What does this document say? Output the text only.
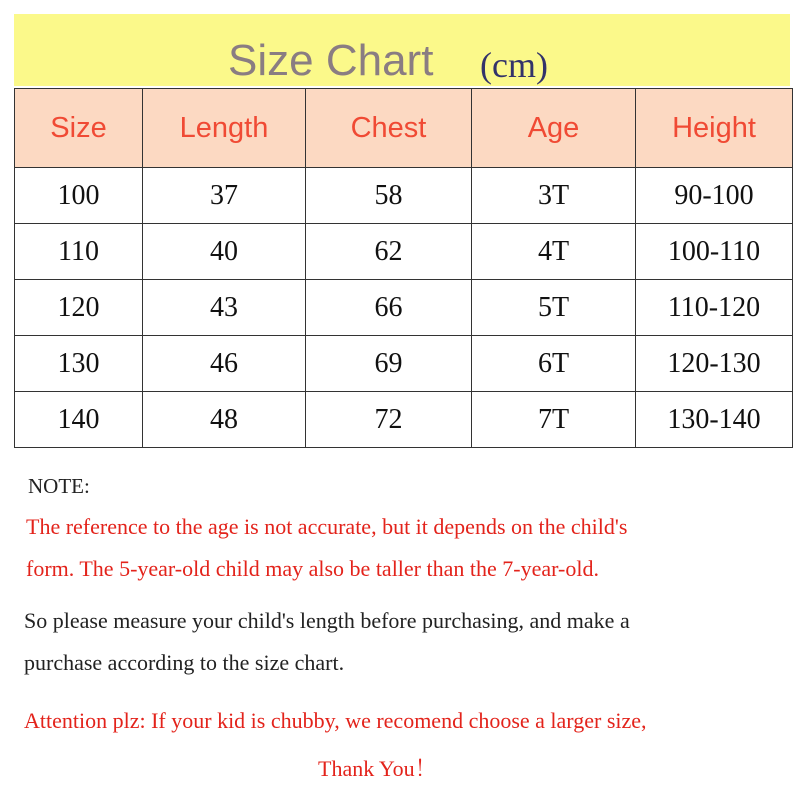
Size Chart (cm)
Size	Length	Chest	Age	Height
100	37	58	3T	90-100
110	40	62	4T	100-110
120	43	66	5T	110-120
130	46	69	6T	120-130
140	48	72	7T	130-140
NOTE:
The reference to the age is not accurate, but it depends on the child's
form. The 5-year-old child may also be taller than the 7-year-old.
So please measure your child's length before purchasing, and make a
purchase according to the size chart.
Attention plz: If your kid is chubby, we recomend choose a larger size,
Thank You！
